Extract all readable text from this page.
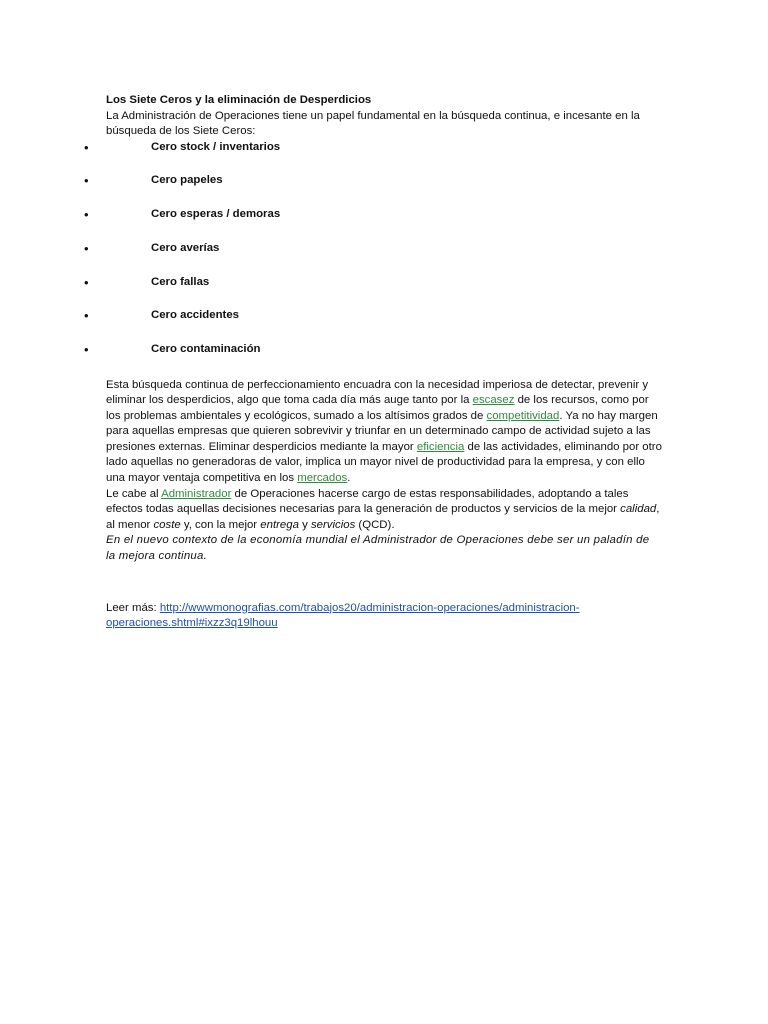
Los Siete Ceros y la eliminación de Desperdicios

La Administración de Operaciones tiene un papel fundamental en la búsqueda continua, e incesante en la búsqueda de los Siete Ceros:

•	Cero stock / inventarios
•	Cero papeles
•	Cero esperas / demoras
•	Cero averías
•	Cero fallas
•	Cero accidentes
•	Cero contaminación

Esta búsqueda continua de perfeccionamiento encuadra con la necesidad imperiosa de detectar, prevenir y eliminar los desperdicios, algo que toma cada día más auge tanto por la escasez de los recursos, como por los problemas ambientales y ecológicos, sumado a los altísimos grados de competitividad. Ya no hay margen para aquellas empresas que quieren sobrevivir y triunfar en un determinado campo de actividad sujeto a las presiones externas. Eliminar desperdicios mediante la mayor eficiencia de las actividades, eliminando por otro lado aquellas no generadoras de valor, implica un mayor nivel de productividad para la empresa, y con ello una mayor ventaja competitiva en los mercados.

Le cabe al Administrador de Operaciones hacerse cargo de estas responsabilidades, adoptando a tales efectos todas aquellas decisiones necesarias para la generación de productos y servicios de la mejor calidad, al menor coste y, con la mejor entrega y servicios (QCD).

En el nuevo contexto de la economía mundial el Administrador de Operaciones debe ser un paladín de la mejora continua.

Leer más: http://wwwmonografias.com/trabajos20/administracion-operaciones/administracion-operaciones.shtml#ixzz3q19lhouu
